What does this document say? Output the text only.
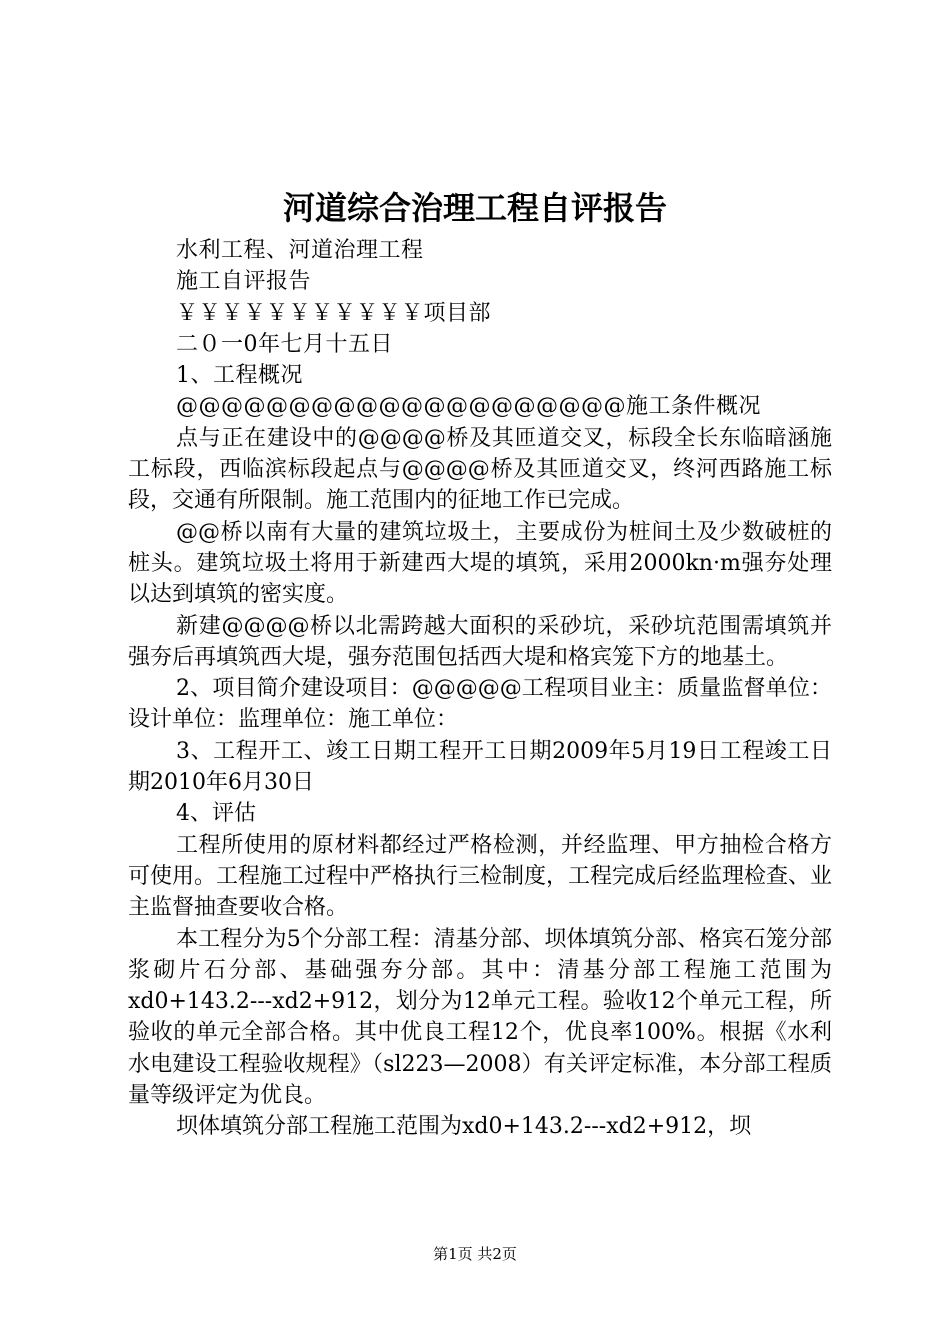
河道综合治理工程自评报告

水利工程、河道治理工程

施工自评报告

￥￥￥￥￥￥￥￥￥￥￥项目部

二０一0年七月十五日

1、工程概况

@@@@@@@@@@@@@@@@@@@@施工条件概况

点与正在建设中的@@@@桥及其匝道交叉，标段全长东临暗涵施工标段，西临滨标段起点与@@@@桥及其匝道交叉，终河西路施工标段，交通有所限制。施工范围内的征地工作已完成。

@@桥以南有大量的建筑垃圾土，主要成份为桩间土及少数破桩的桩头。建筑垃圾土将用于新建西大堤的填筑，采用2000kn·m强夯处理以达到填筑的密实度。

新建@@@@桥以北需跨越大面积的采砂坑，采砂坑范围需填筑并强夯后再填筑西大堤，强夯范围包括西大堤和格宾笼下方的地基土。

2、项目简介建设项目：@@@@@工程项目业主：质量监督单位：设计单位：监理单位：施工单位：

3、工程开工、竣工日期工程开工日期2009年5月19日工程竣工日期2010年6月30日

4、评估

工程所使用的原材料都经过严格检测，并经监理、甲方抽检合格方可使用。工程施工过程中严格执行三检制度，工程完成后经监理检查、业主监督抽查要收合格。

本工程分为5个分部工程：清基分部、坝体填筑分部、格宾石笼分部浆砌片石分部、基础强夯分部。其中：清基分部工程施工范围为xd0+143.2---xd2+912，划分为12单元工程。验收12个单元工程，所验收的单元全部合格。其中优良工程12个，优良率100%。根据《水利水电建设工程验收规程》（sl223—2008）有关评定标准，本分部工程质量等级评定为优良。

坝体填筑分部工程施工范围为xd0+143.2---xd2+912，坝

第1页 共2页
